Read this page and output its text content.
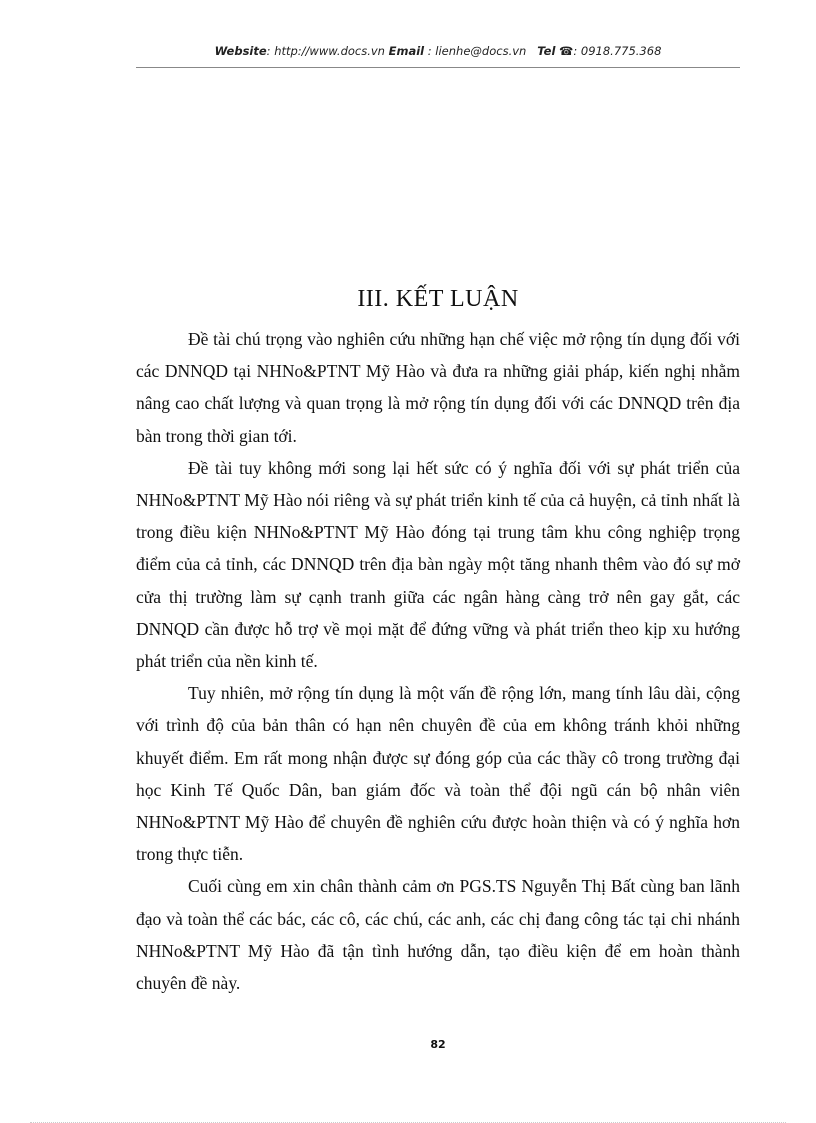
Website: http://www.docs.vn Email : lienhe@docs.vn Tel ☎: 0918.775.368
III. KẾT LUẬN

Đề tài chú trọng vào nghiên cứu những hạn chế việc mở rộng tín dụng đối với các DNNQD tại NHNo&PTNT Mỹ Hào và đưa ra những giải pháp, kiến nghị nhằm nâng cao chất lượng và quan trọng là mở rộng tín dụng đối với các DNNQD trên địa bàn trong thời gian tới.

Đề tài tuy không mới song lại hết sức có ý nghĩa đối với sự phát triển của NHNo&PTNT Mỹ Hào nói riêng và sự phát triển kinh tế của cả huyện, cả tỉnh nhất là trong điều kiện NHNo&PTNT Mỹ Hào đóng tại trung tâm khu công nghiệp trọng điểm của cả tỉnh, các DNNQD trên địa bàn ngày một tăng nhanh thêm vào đó sự mở cửa thị trường làm sự cạnh tranh giữa các ngân hàng càng trở nên gay gắt, các DNNQD cần được hỗ trợ về mọi mặt để đứng vững và phát triển theo kịp xu hướng phát triển của nền kinh tế.

Tuy nhiên, mở rộng tín dụng là một vấn đề rộng lớn, mang tính lâu dài, cộng với trình độ của bản thân có hạn nên chuyên đề của em không tránh khỏi những khuyết điểm. Em rất mong nhận được sự đóng góp của các thầy cô trong trường đại học Kinh Tế Quốc Dân, ban giám đốc và toàn thể đội ngũ cán bộ nhân viên NHNo&PTNT Mỹ Hào để chuyên đề nghiên cứu được hoàn thiện và có ý nghĩa hơn trong thực tiễn.

Cuối cùng em xin chân thành cảm ơn PGS.TS Nguyễn Thị Bất cùng ban lãnh đạo và toàn thể các bác, các cô, các chú, các anh, các chị đang công tác tại chi nhánh NHNo&PTNT Mỹ Hào đã tận tình hướng dẫn, tạo điều kiện để em hoàn thành chuyên đề này.

82
